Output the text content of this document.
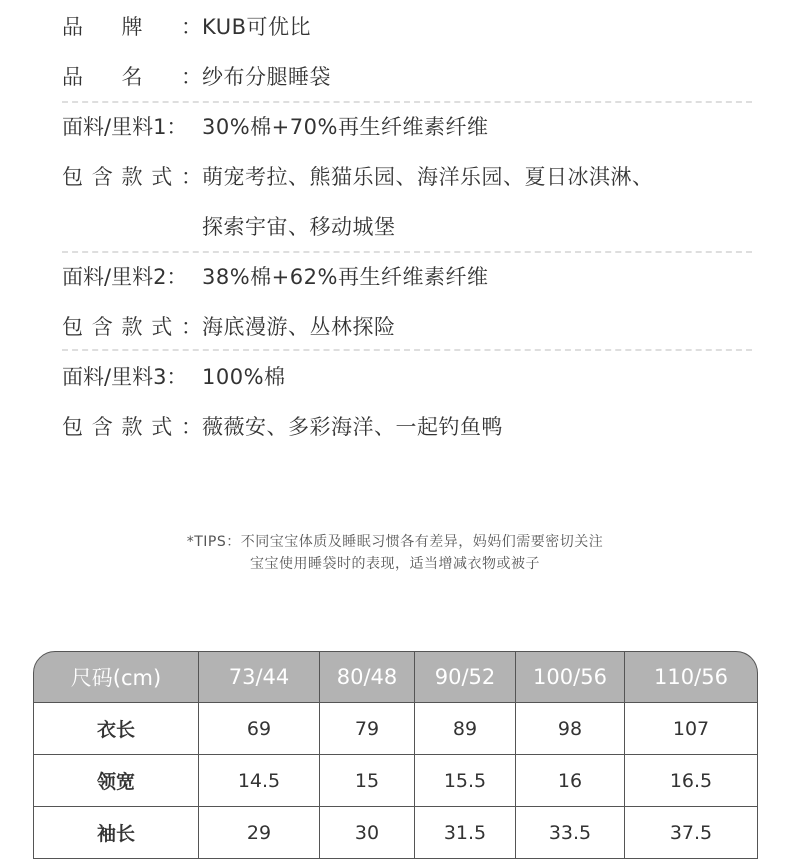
品 牌 ： KUB可优比
品 名 ： 纱布分腿睡袋
面料/里料1： 30%棉+70%再生纤维素纤维
包 含 款 式 ： 萌宠考拉、熊猫乐园、海洋乐园、夏日冰淇淋、
探索宇宙、移动城堡
面料/里料2： 38%棉+62%再生纤维素纤维
包 含 款 式 ： 海底漫游、丛林探险
面料/里料3： 100%棉
包 含 款 式 ： 薇薇安、多彩海洋、一起钓鱼鸭
*TIPS：不同宝宝体质及睡眠习惯各有差异，妈妈们需要密切关注
宝宝使用睡袋时的表现，适当增减衣物或被子
尺码(cm)	73/44	80/48	90/52	100/56	110/56
衣长	69	79	89	98	107
领宽	14.5	15	15.5	16	16.5
袖长	29	30	31.5	33.5	37.5
